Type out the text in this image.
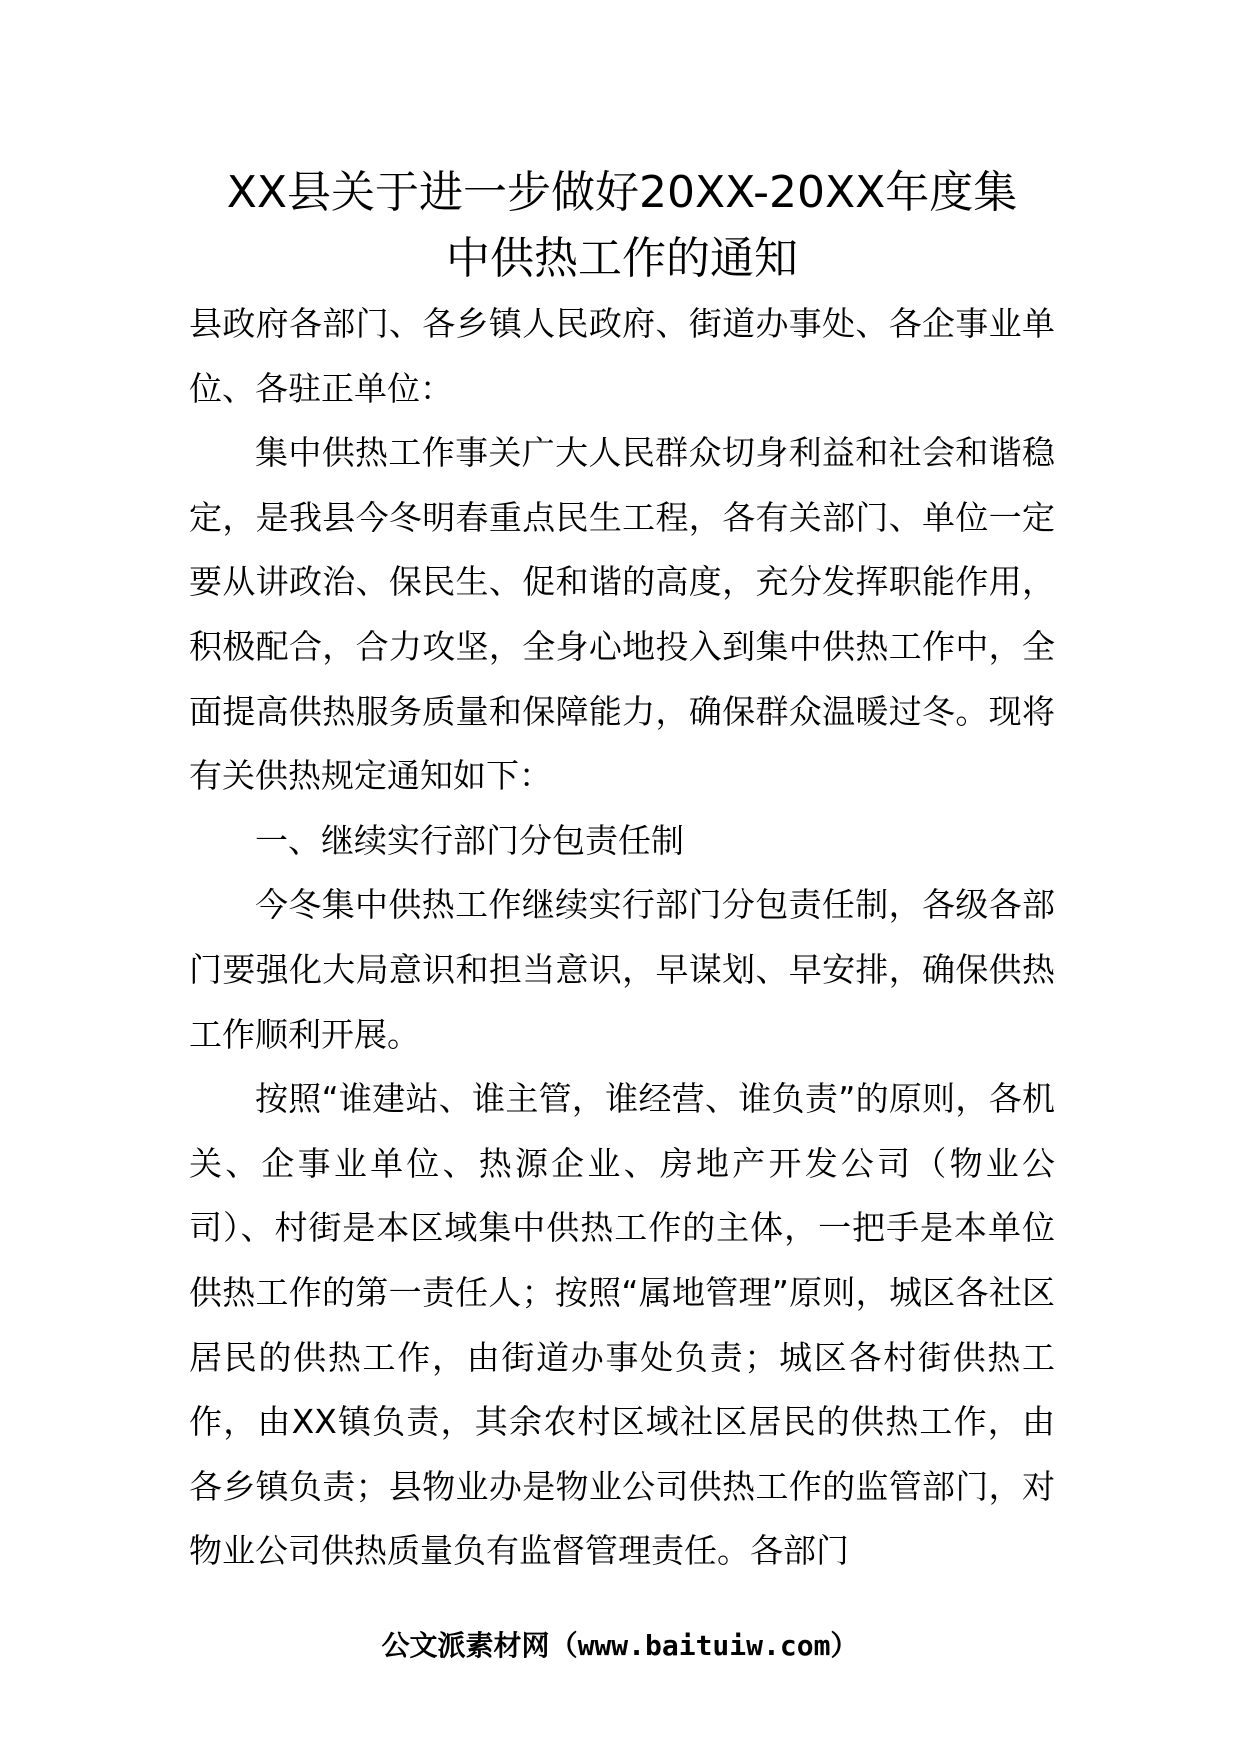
XX县关于进一步做好20XX-20XX年度集
中供热工作的通知

县政府各部门、各乡镇人民政府、街道办事处、各企事业单位、各驻正单位：

集中供热工作事关广大人民群众切身利益和社会和谐稳定，是我县今冬明春重点民生工程，各有关部门、单位一定要从讲政治、保民生、促和谐的高度，充分发挥职能作用，积极配合，合力攻坚，全身心地投入到集中供热工作中，全面提高供热服务质量和保障能力，确保群众温暖过冬。现将有关供热规定通知如下：

一、继续实行部门分包责任制

今冬集中供热工作继续实行部门分包责任制，各级各部门要强化大局意识和担当意识，早谋划、早安排，确保供热工作顺利开展。

按照“谁建站、谁主管，谁经营、谁负责”的原则，各机关、企事业单位、热源企业、房地产开发公司（物业公司）、村街是本区域集中供热工作的主体，一把手是本单位供热工作的第一责任人；按照“属地管理”原则，城区各社区居民的供热工作，由街道办事处负责；城区各村街供热工作，由XX镇负责，其余农村区域社区居民的供热工作，由各乡镇负责；县物业办是物业公司供热工作的监管部门，对物业公司供热质量负有监督管理责任。各部门

公文派素材网（www.baituiw.com）
